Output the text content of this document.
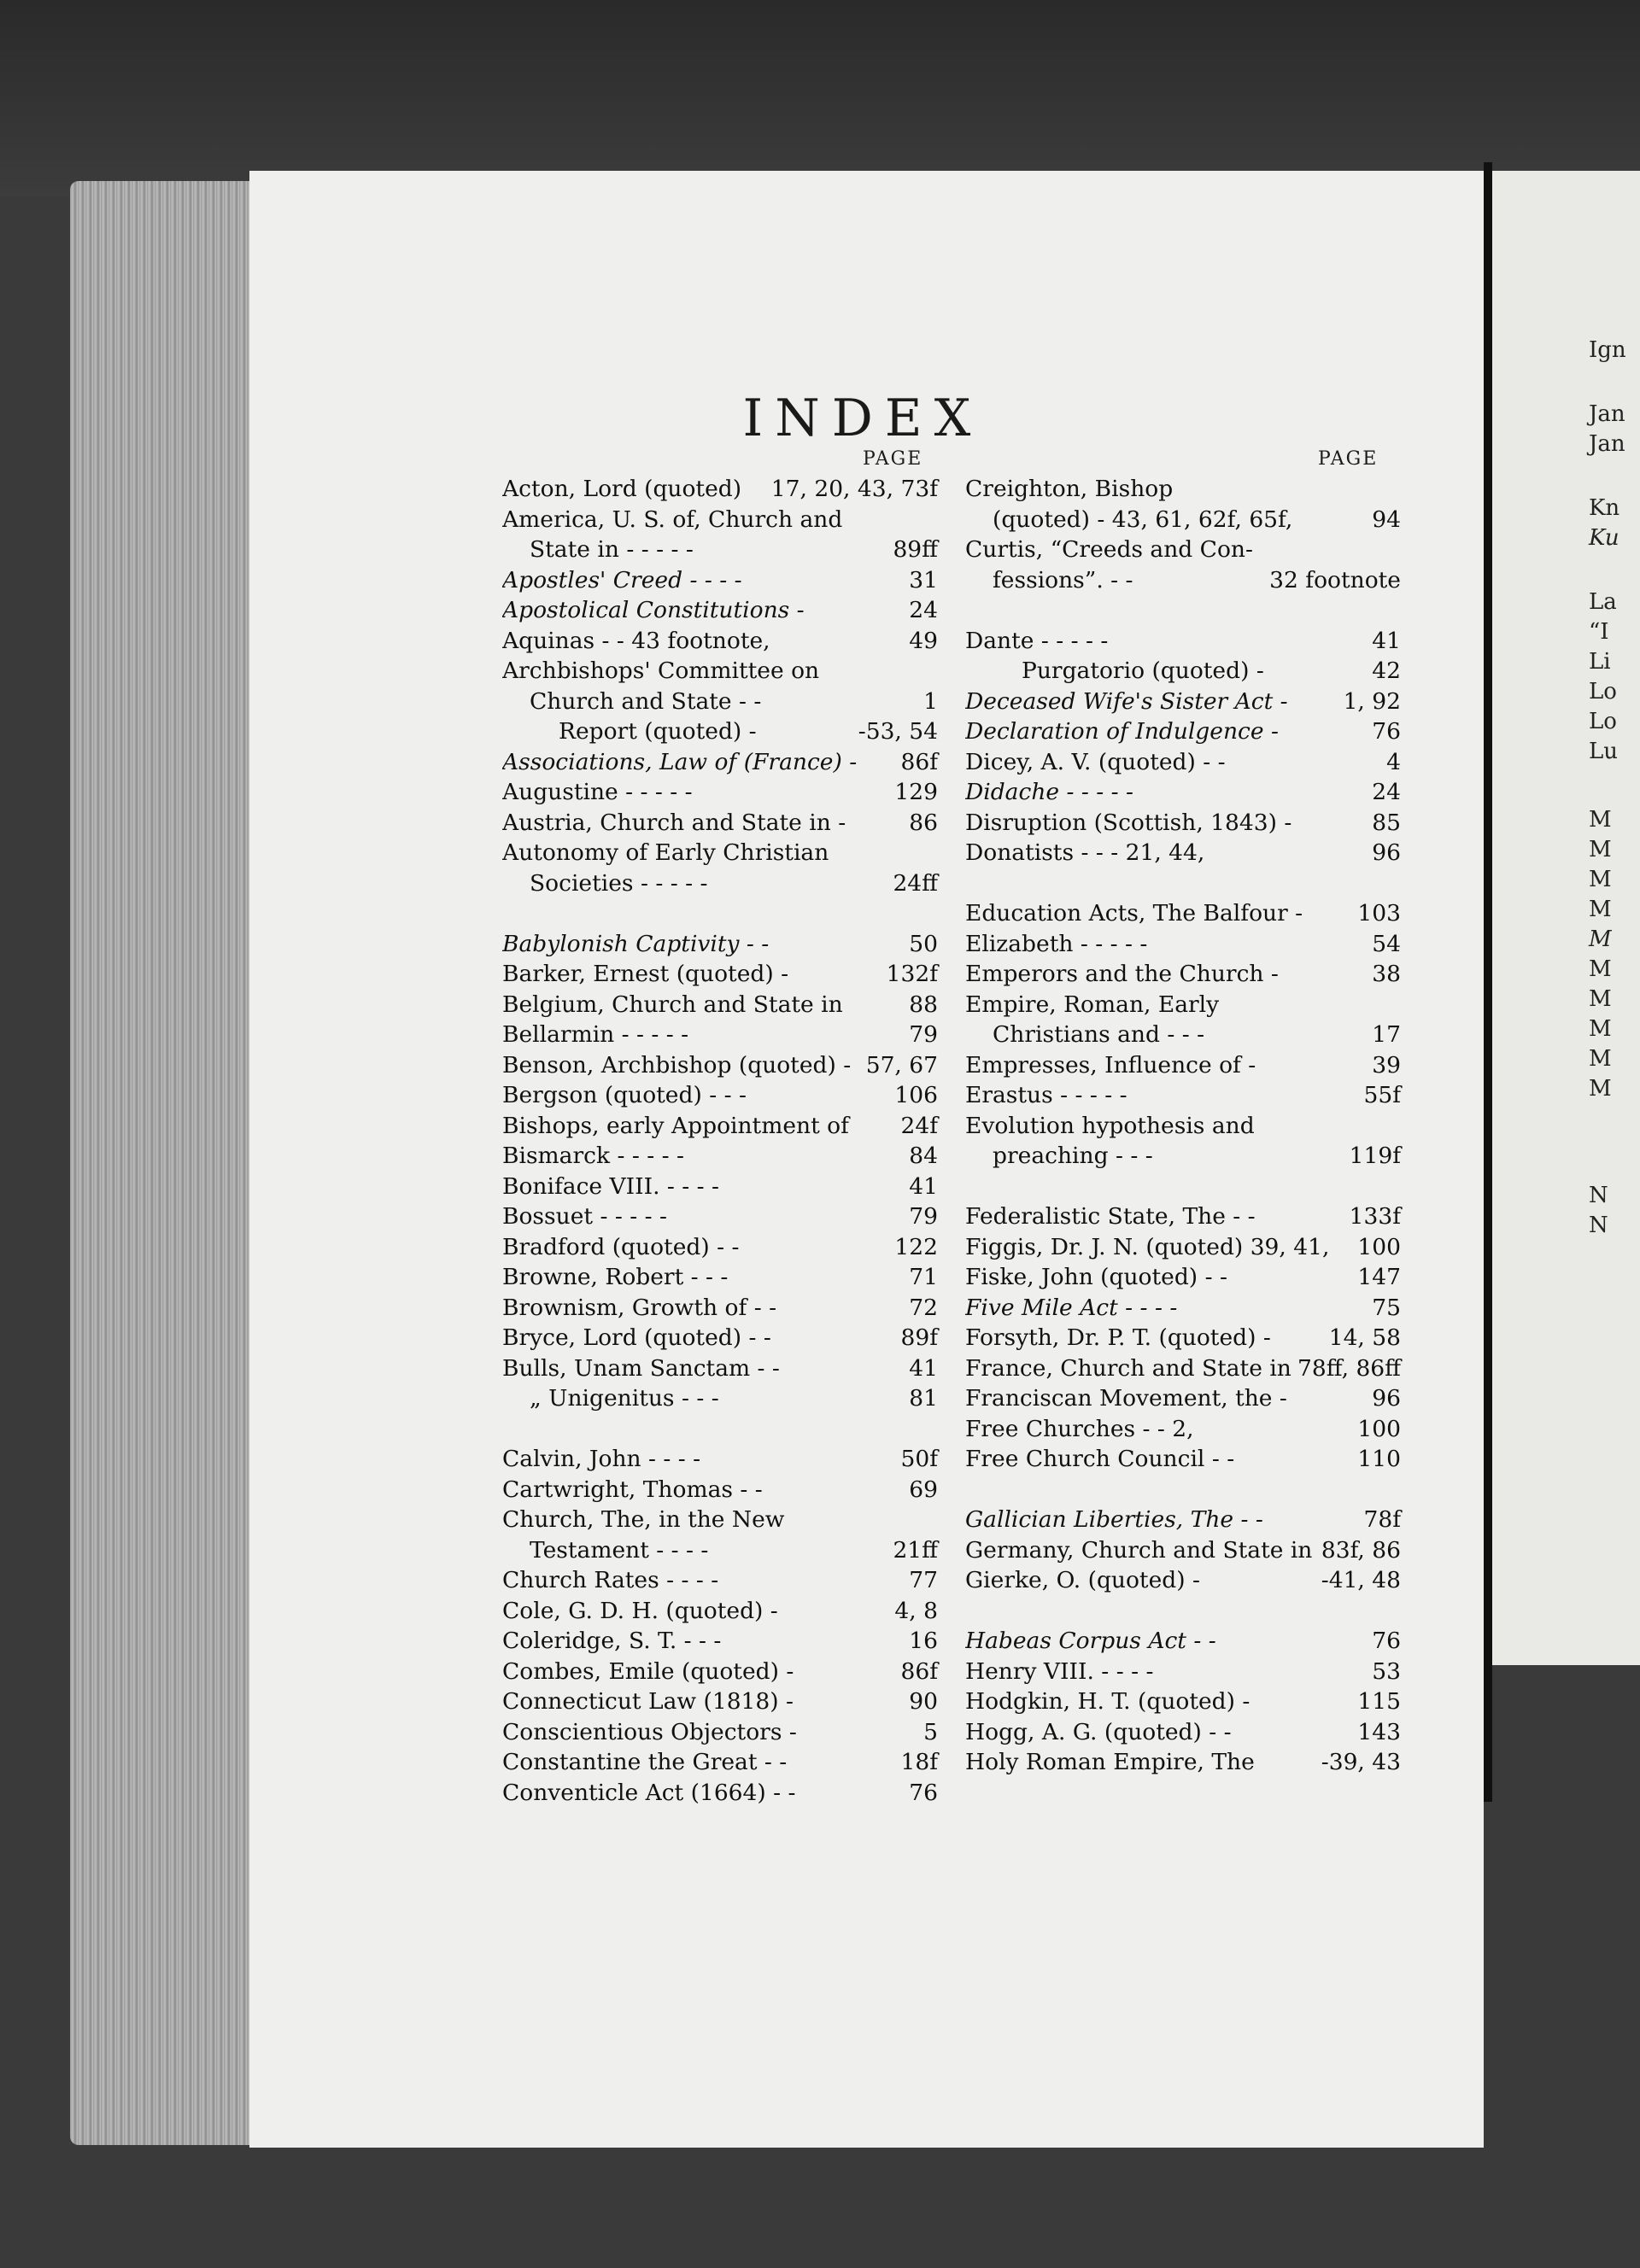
Ign
Jan
Jan
Kn
Ku
La
“I
Li
Lo
Lo
Lu
M
M
M
M
M
M
M
M
M
M
N
N
INDEX
PAGE	PAGE
Acton, Lord (quoted)	17, 20, 43, 73f
America, U. S. of, Church and
State in - - - - -	89ff
Apostles' Creed - - - -	31
Apostolical Constitutions -	24
Aquinas - - 43 footnote,	49
Archbishops' Committee on
Church and State - -	1
Report (quoted) -	-53, 54
Associations, Law of (France) -	86f
Augustine - - - - -	129
Austria, Church and State in -	86
Autonomy of Early Christian
Societies - - - - -	24ff
Babylonish Captivity - -	50
Barker, Ernest (quoted) -	132f
Belgium, Church and State in	88
Bellarmin - - - - -	79
Benson, Archbishop (quoted) - 57, 67
Bergson (quoted) - - -	106
Bishops, early Appointment of	24f
Bismarck - - - - -	84
Boniface VIII. - - - -	41
Bossuet - - - - -	79
Bradford (quoted) - -	122
Browne, Robert - - -	71
Brownism, Growth of - -	72
Bryce, Lord (quoted) - -	89f
Bulls, Unam Sanctam - -	41
„ Unigenitus - - -	81
Calvin, John - - - -	50f
Cartwright, Thomas - -	69
Church, The, in the New
Testament - - - -	21ff
Church Rates - - - -	77
Cole, G. D. H. (quoted) -	4, 8
Coleridge, S. T. - - -	16
Combes, Emile (quoted) -	86f
Connecticut Law (1818) -	90
Conscientious Objectors -	5
Constantine the Great - -	18f
Conventicle Act (1664) - -	76
Creighton, Bishop
(quoted) - 43, 61, 62f, 65f,	94
Curtis, “Creeds and Con-
fessions”. - -	32 footnote
Dante - - - - -	41
Purgatorio (quoted) -	42
Deceased Wife's Sister Act -	1, 92
Declaration of Indulgence -	76
Dicey, A. V. (quoted) - -	4
Didache - - - - -	24
Disruption (Scottish, 1843) -	85
Donatists - - - 21, 44,	96
Education Acts, The Balfour -	103
Elizabeth - - - - -	54
Emperors and the Church -	38
Empire, Roman, Early
Christians and - - -	17
Empresses, Influence of -	39
Erastus - - - - -	55f
Evolution hypothesis and
preaching - - -	119f
Federalistic State, The - -	133f
Figgis, Dr. J. N. (quoted) 39, 41,	100
Fiske, John (quoted) - -	147
Five Mile Act - - - -	75
Forsyth, Dr. P. T. (quoted) -	14, 58
France, Church and State in 78ff, 86ff
Franciscan Movement, the -	96
Free Churches - - 2,	100
Free Church Council - -	110
Gallician Liberties, The - -	78f
Germany, Church and State in 83f, 86
Gierke, O. (quoted) -	-41, 48
Habeas Corpus Act - -	76
Henry VIII. - - - -	53
Hodgkin, H. T. (quoted) -	115
Hogg, A. G. (quoted) - -	143
Holy Roman Empire, The	-39, 43
